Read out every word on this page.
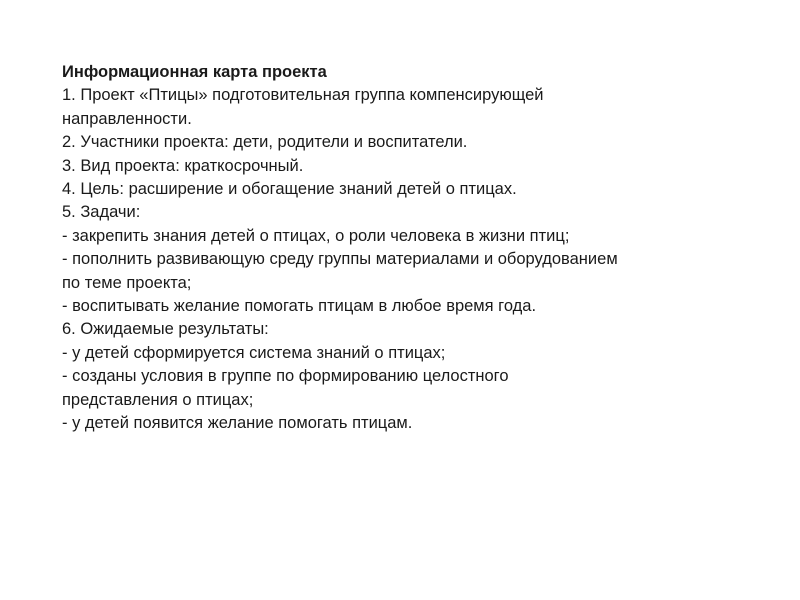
Информационная карта проекта
1. Проект «Птицы» подготовительная группа компенсирующей
направленности.
2. Участники проекта: дети, родители и воспитатели.
3. Вид проекта: краткосрочный.
4. Цель: расширение и обогащение знаний детей о птицах.
5. Задачи:
- закрепить знания детей о птицах, о роли человека в жизни птиц;
- пополнить развивающую среду группы материалами и оборудованием
по теме проекта;
- воспитывать желание помогать птицам в любое время года.
6. Ожидаемые результаты:
- у детей сформируется система знаний о птицах;
- созданы условия в группе по формированию целостного
представления о птицах;
- у детей появится желание помогать птицам.
